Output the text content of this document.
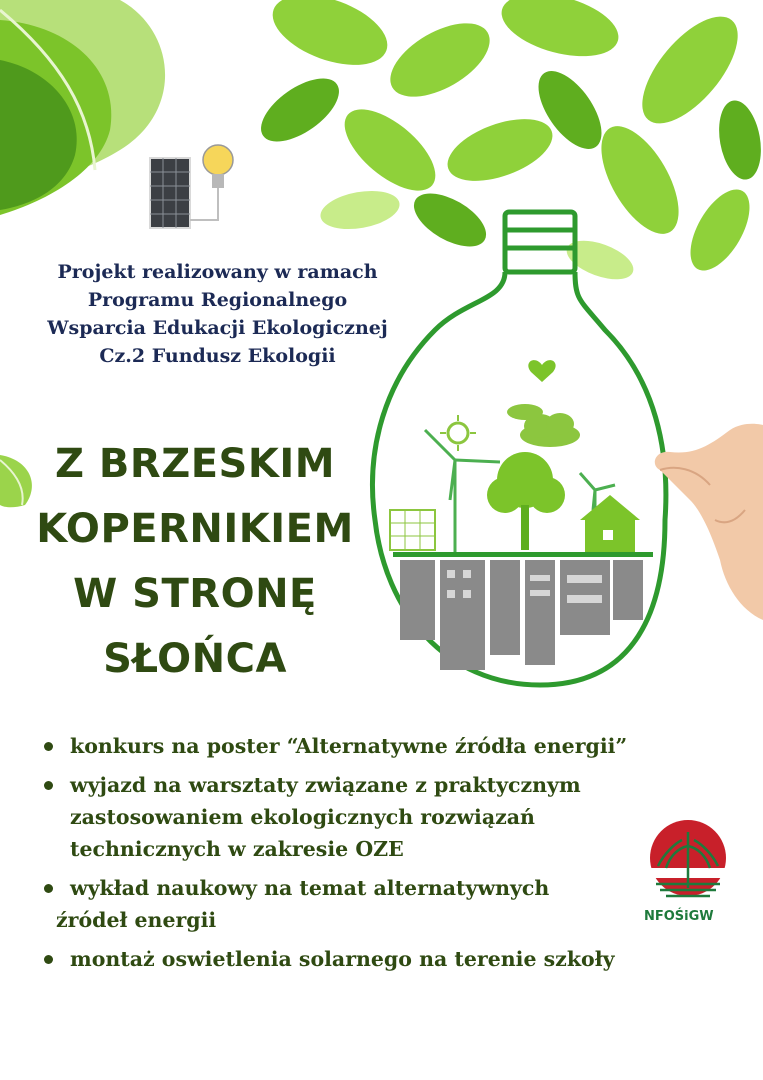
Projekt realizowany w ramach
Programu Regionalnego
Wsparcia Edukacji Ekologicznej
Cz.2 Fundusz Ekologii
Z BRZESKIM
KOPERNIKIEM
W STRONĘ
SŁOŃCA
konkurs na poster “Alternatywne źródła energii”
wyjazd na warsztaty związane z praktycznym
zastosowaniem ekologicznych rozwiązań
technicznych w zakresie OZE
wykład naukowy na temat alternatywnych
źródeł energii
montaż oswietlenia solarnego na terenie szkoły
NFOŚiGW
